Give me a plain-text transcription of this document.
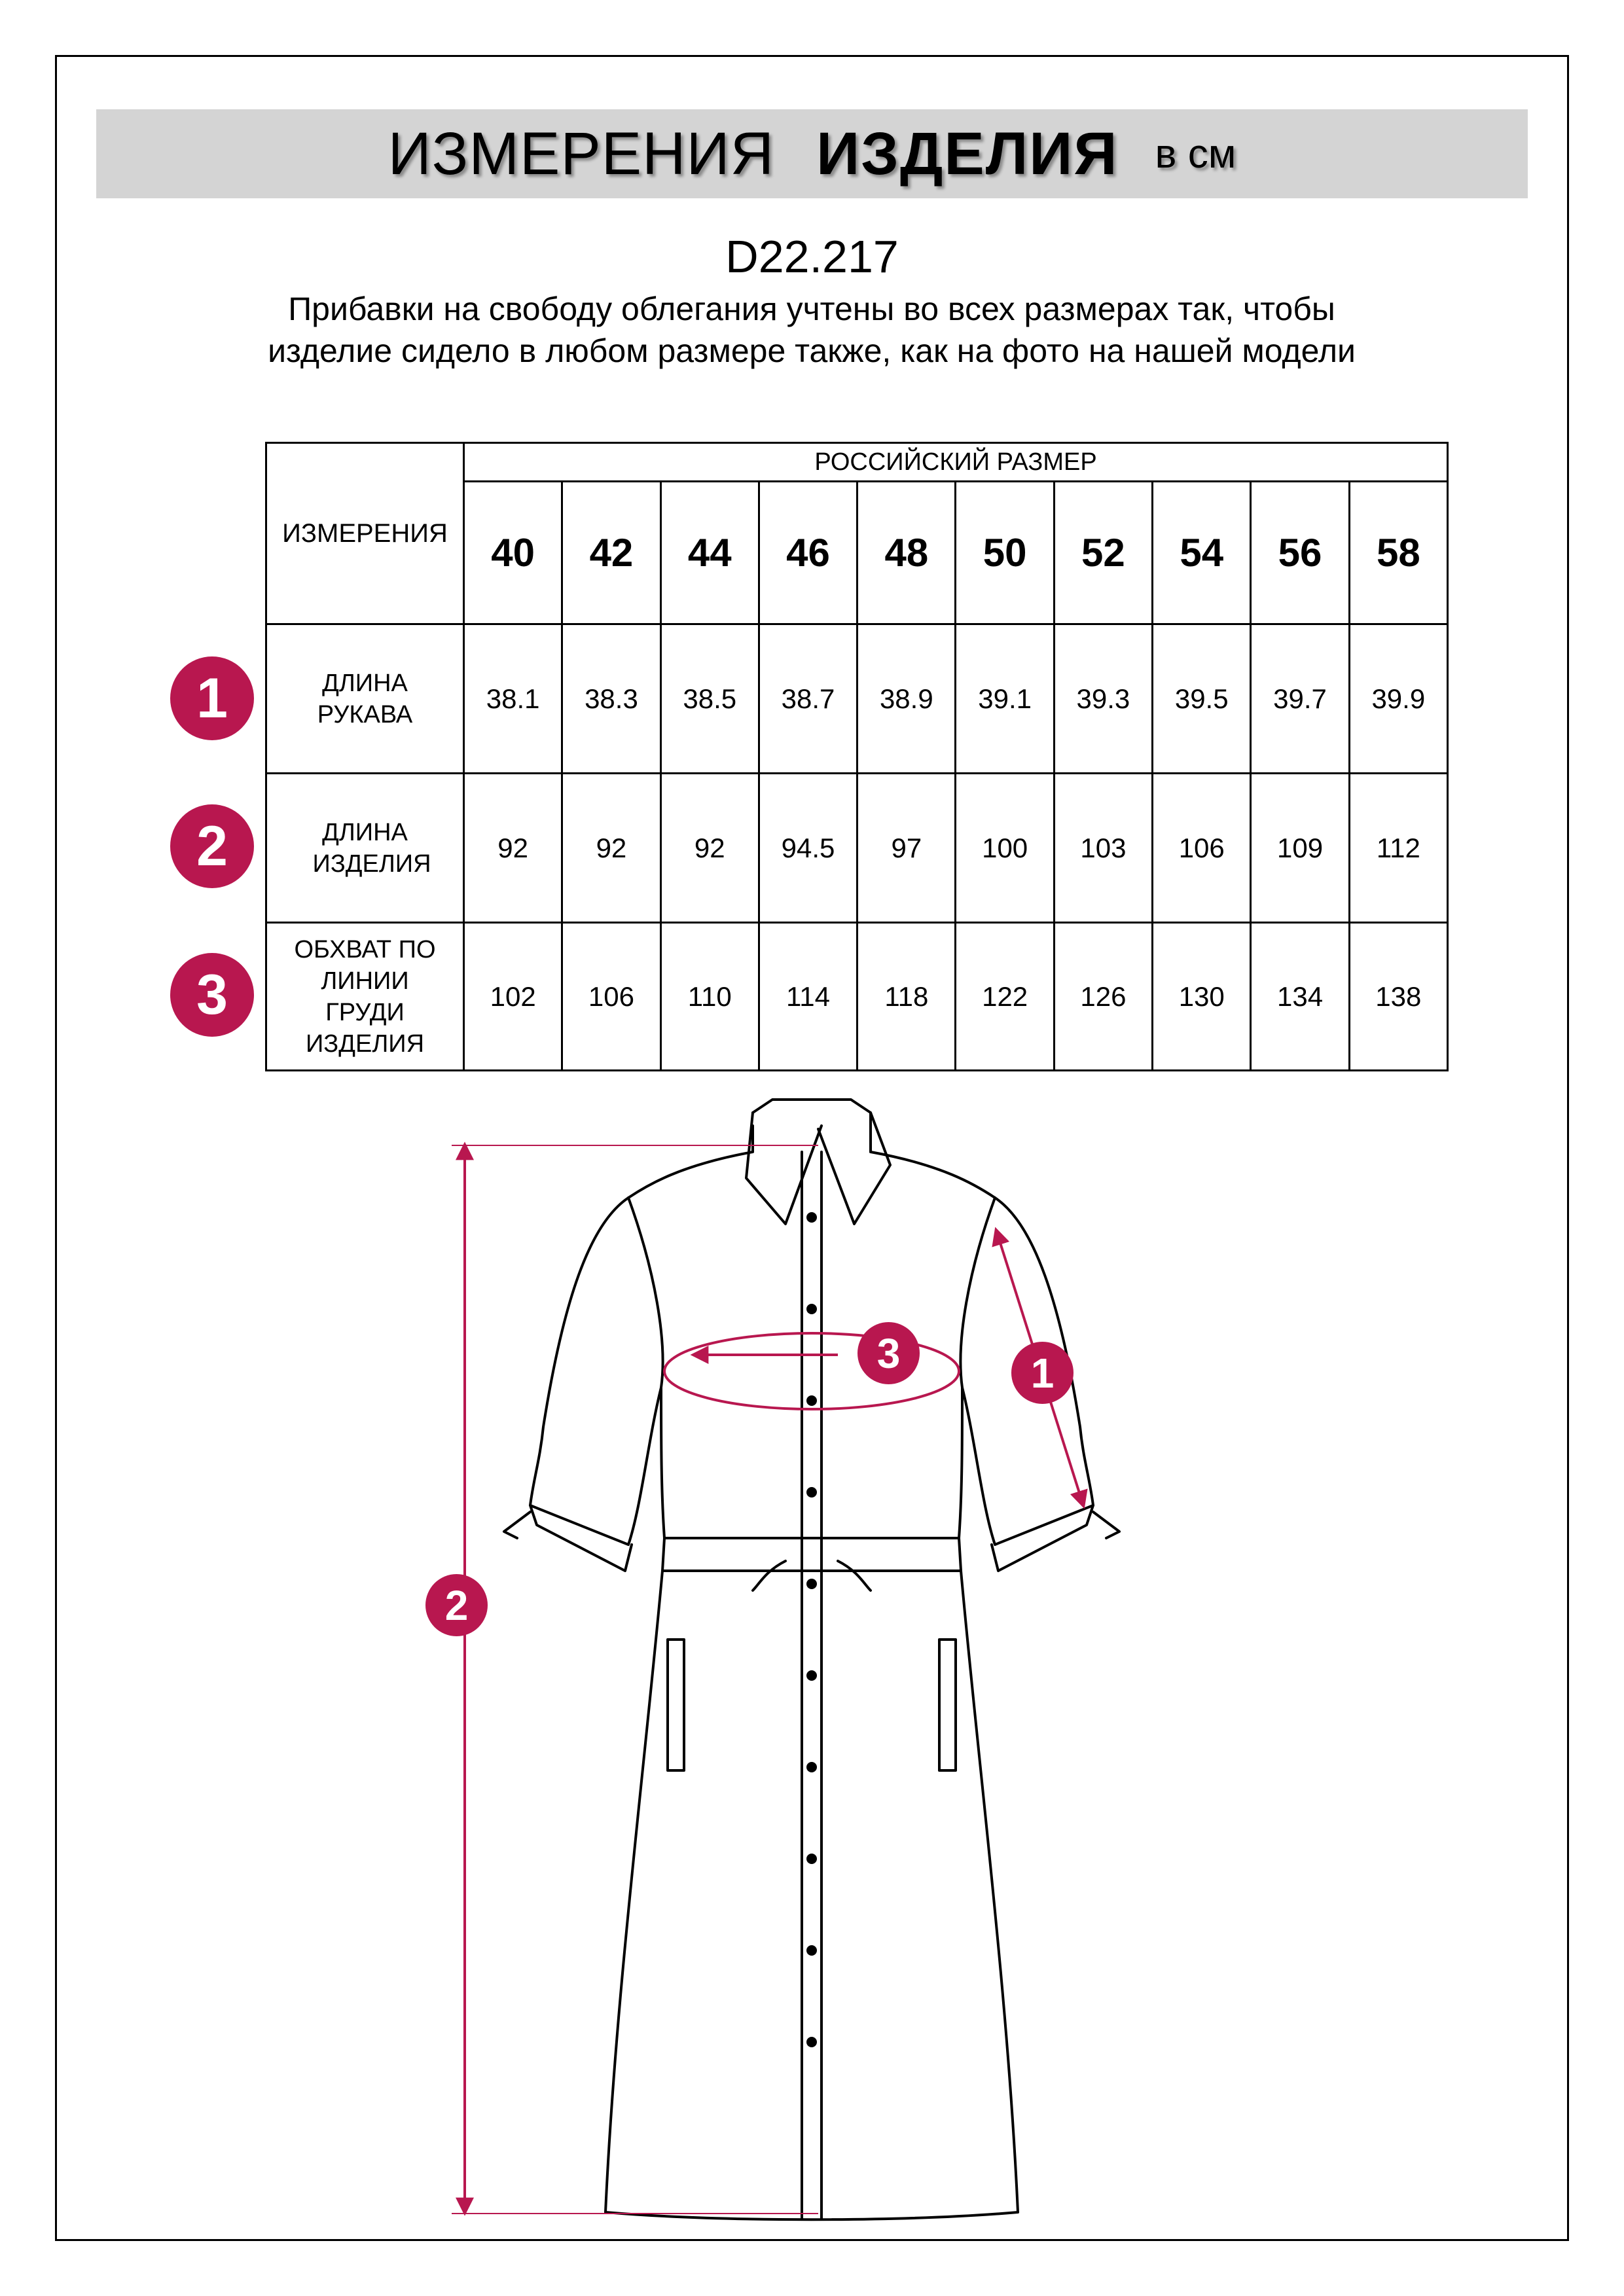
ИЗМЕРЕНИЯ ИЗДЕЛИЯ в см
D22.217
Прибавки на свободу облегания учтены во всех размерах так, чтобы изделие сидело в любом размере также, как на фото на нашей модели
ИЗМЕРЕНИЯ	РОССИЙСКИЙ РАЗМЕР									
	40	42	44	46	48	50	52	54	56	58

ДЛИНА РУКАВА	38.1	38.3	38.5	38.7	38.9	39.1	39.3	39.5	39.7	39.9

ДЛИНА ИЗДЕЛИЯ	92	92	92	94.5	97	100	103	106	109	112

ОБХВАТ ПО ЛИНИИ ГРУДИ ИЗДЕЛИЯ	102	106	110	114	118	122	126	130	134	138
1
2
3
2
3	1
